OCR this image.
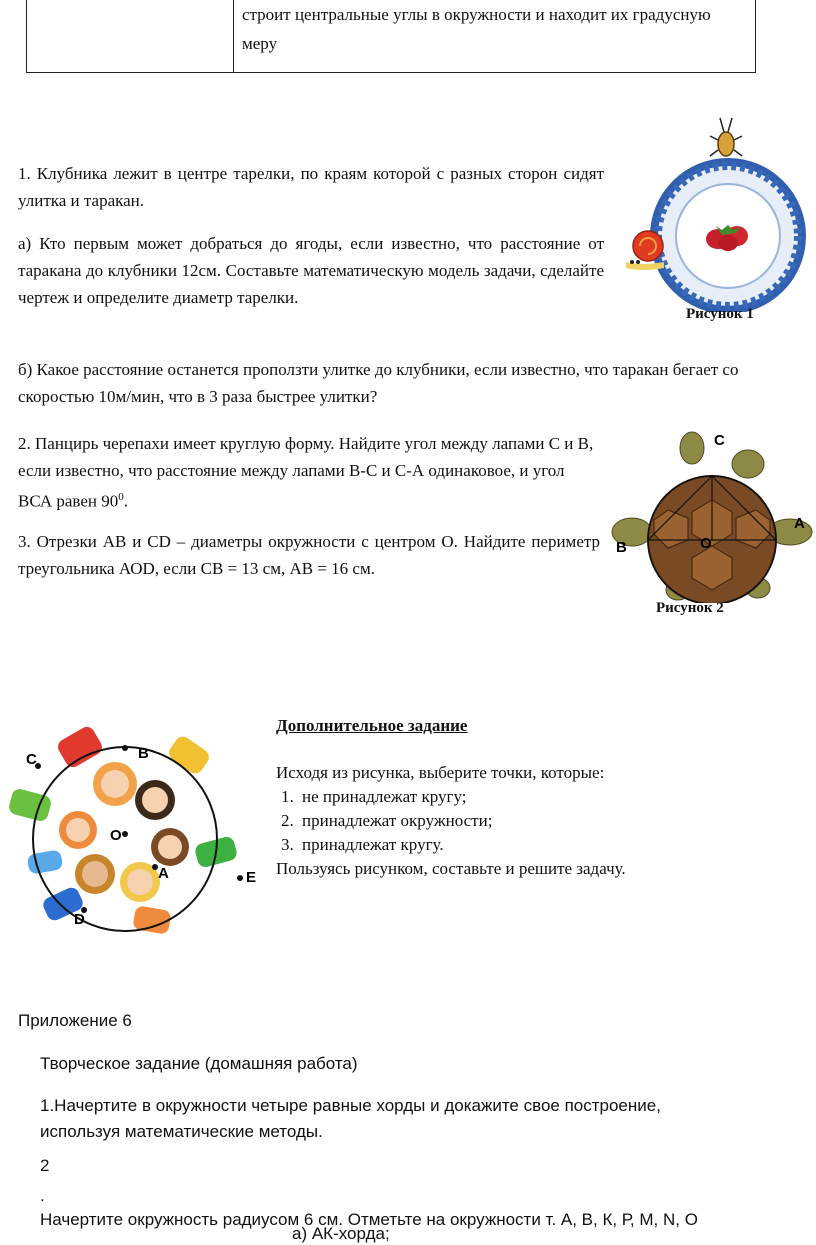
строит центральные углы в окружности и находит их градусную меру
1. Клубника лежит в центре тарелки, по краям которой с разных сторон сидят улитка и таракан.
а) Кто первым может добраться до ягоды, если известно, что расстояние от таракана до клубники 12см. Составьте математическую модель задачи, сделайте чертеж и определите диаметр тарелки.
б) Какое расстояние останется проползти улитке до клубники, если известно, что таракан бегает со скоростью 10м/мин, что в 3 раза быстрее улитки?
Рисунок 1
2. Панцирь черепахи имеет круглую форму. Найдите угол между лапами С и В, если известно, что расстояние между лапами В-С и С-А одинаковое, и угол ВСА равен $90^0$.
3. Отрезки АВ и СD – диаметры окружности с центром О. Найдите периметр треугольника АОD, если СВ = 13 см, АВ = 16 см.
C
A
B	O
Рисунок 2
C	B
O
A	E
D
Дополнительное задание
Исходя из рисунка, выберите точки, которые:
1. не принадлежат кругу;
2. принадлежат окружности;
3. принадлежат кругу.
Пользуясь рисунком, составьте и решите задачу.
Приложение 6
Творческое задание (домашняя работа)
1.Начертите в окружности четыре равные хорды и докажите свое построение, используя математические методы.
2
.
Начертите окружность радиусом 6 см. Отметьте на окружности т. А, В, К, Р, М, N, О
а) АК-хорда;
